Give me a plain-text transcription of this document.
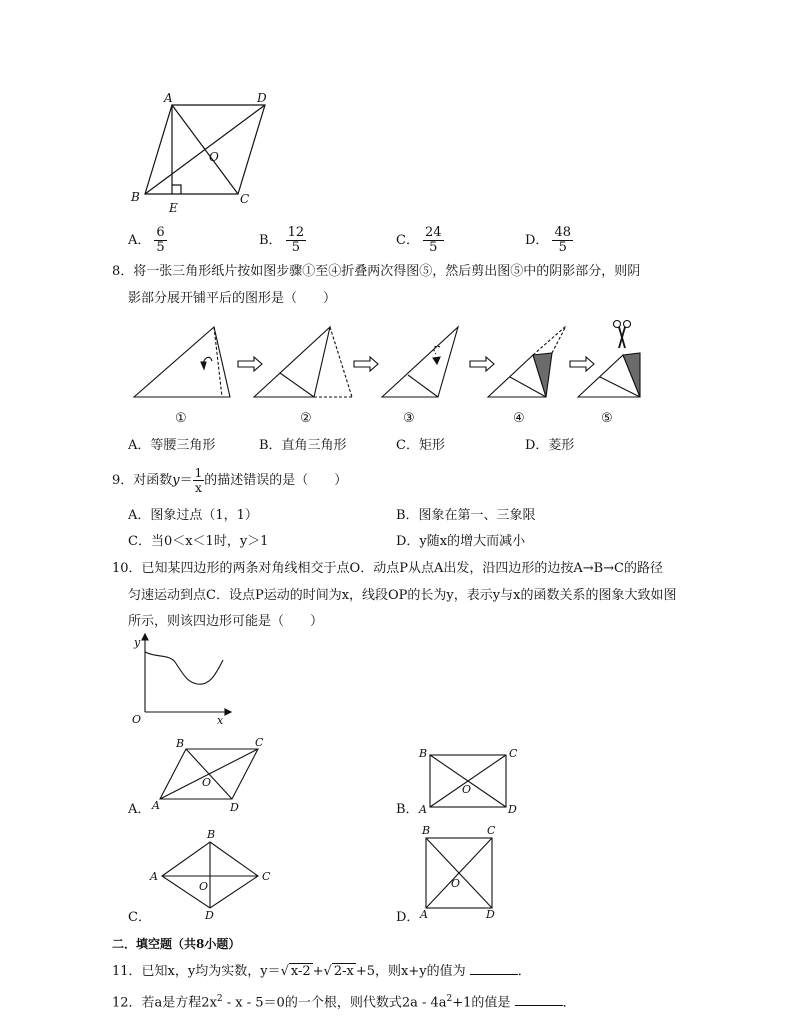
A	D
B	C
O
E
A． $\frac{6}{5}$	B． $\frac{12}{5}$	C． $\frac{24}{5}$	D． $\frac{48}{5}$
8．将一张三角形纸片按如图步骤①至④折叠两次得图⑤，然后剪出图⑤中的阴影部分，则阴
影部分展开铺平后的图形是（　　）
①	②	③	④	⑤
A．等腰三角形	B．直角三角形	C．矩形	D．菱形
9．对函数$y= \frac{1}{x}$ 的描述错误的是（　　）
A．图象过点（1，1）	B．图象在第一、三象限
C．当0＜x＜1时，y＞1	D．y随x的增大而减小
10．已知某四边形的两条对角线相交于点O．动点P从点A出发，沿四边形的边按A→B→C的路径
匀速运动到点C．设点P运动的时间为x，线段OP的长为y，表示y与x的函数关系的图象大致如图
所示，则该四边形可能是（　　）
y
x
O
A．
B	C
A	D
O
B．
B	C
A	D
O
C．
B
C
A
D
O
D．
B	C
A	D
O
二．填空题（共8小题）
11．已知x，y均为实数，y＝√ x-2 +√ 2-x +5，则x+y的值为	．
12．若a是方程$2x^2 - x - 5=0$的一个根，则代数式$2a - 4a^2+1$的值是	．
